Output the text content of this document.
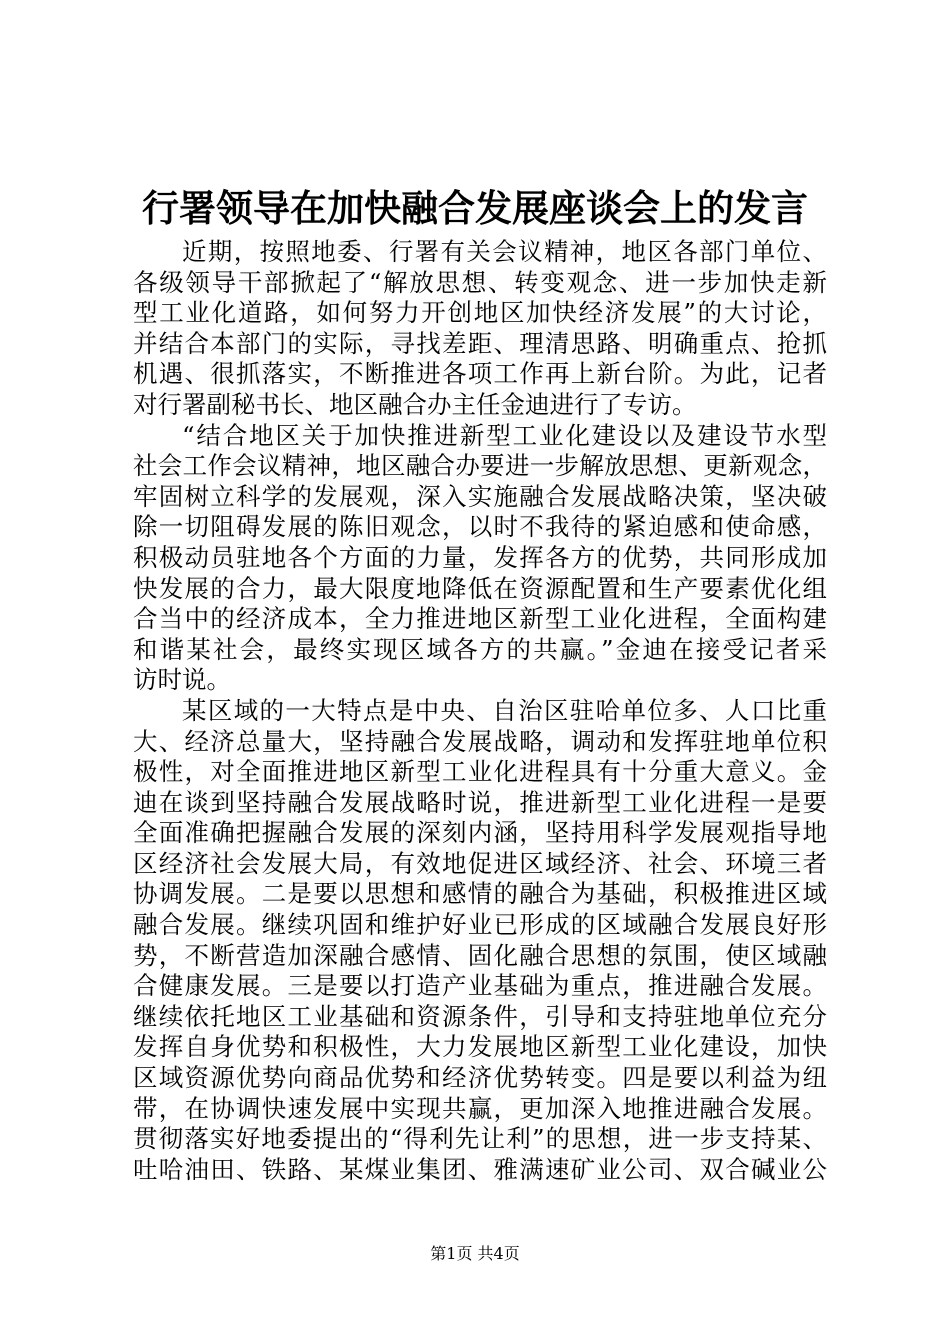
行署领导在加快融合发展座谈会上的发言
近期，按照地委、行署有关会议精神，地区各部门单位、
各级领导干部掀起了“解放思想、转变观念、进一步加快走新
型工业化道路，如何努力开创地区加快经济发展”的大讨论，
并结合本部门的实际，寻找差距、理清思路、明确重点、抢抓
机遇、很抓落实，不断推进各项工作再上新台阶。为此，记者
对行署副秘书长、地区融合办主任金迪进行了专访。
“结合地区关于加快推进新型工业化建设以及建设节水型
社会工作会议精神，地区融合办要进一步解放思想、更新观念，
牢固树立科学的发展观，深入实施融合发展战略决策，坚决破
除一切阻碍发展的陈旧观念，以时不我待的紧迫感和使命感，
积极动员驻地各个方面的力量，发挥各方的优势，共同形成加
快发展的合力，最大限度地降低在资源配置和生产要素优化组
合当中的经济成本，全力推进地区新型工业化进程，全面构建
和谐某社会，最终实现区域各方的共赢。”金迪在接受记者采
访时说。
某区域的一大特点是中央、自治区驻哈单位多、人口比重
大、经济总量大，坚持融合发展战略，调动和发挥驻地单位积
极性，对全面推进地区新型工业化进程具有十分重大意义。金
迪在谈到坚持融合发展战略时说，推进新型工业化进程一是要
全面准确把握融合发展的深刻内涵，坚持用科学发展观指导地
区经济社会发展大局，有效地促进区域经济、社会、环境三者
协调发展。二是要以思想和感情的融合为基础，积极推进区域
融合发展。继续巩固和维护好业已形成的区域融合发展良好形
势，不断营造加深融合感情、固化融合思想的氛围，使区域融
合健康发展。三是要以打造产业基础为重点，推进融合发展。
继续依托地区工业基础和资源条件，引导和支持驻地单位充分
发挥自身优势和积极性，大力发展地区新型工业化建设，加快
区域资源优势向商品优势和经济优势转变。四是要以利益为纽
带，在协调快速发展中实现共赢，更加深入地推进融合发展。
贯彻落实好地委提出的“得利先让利”的思想，进一步支持某、
吐哈油田、铁路、某煤业集团、雅满速矿业公司、双合碱业公
第1页 共4页
